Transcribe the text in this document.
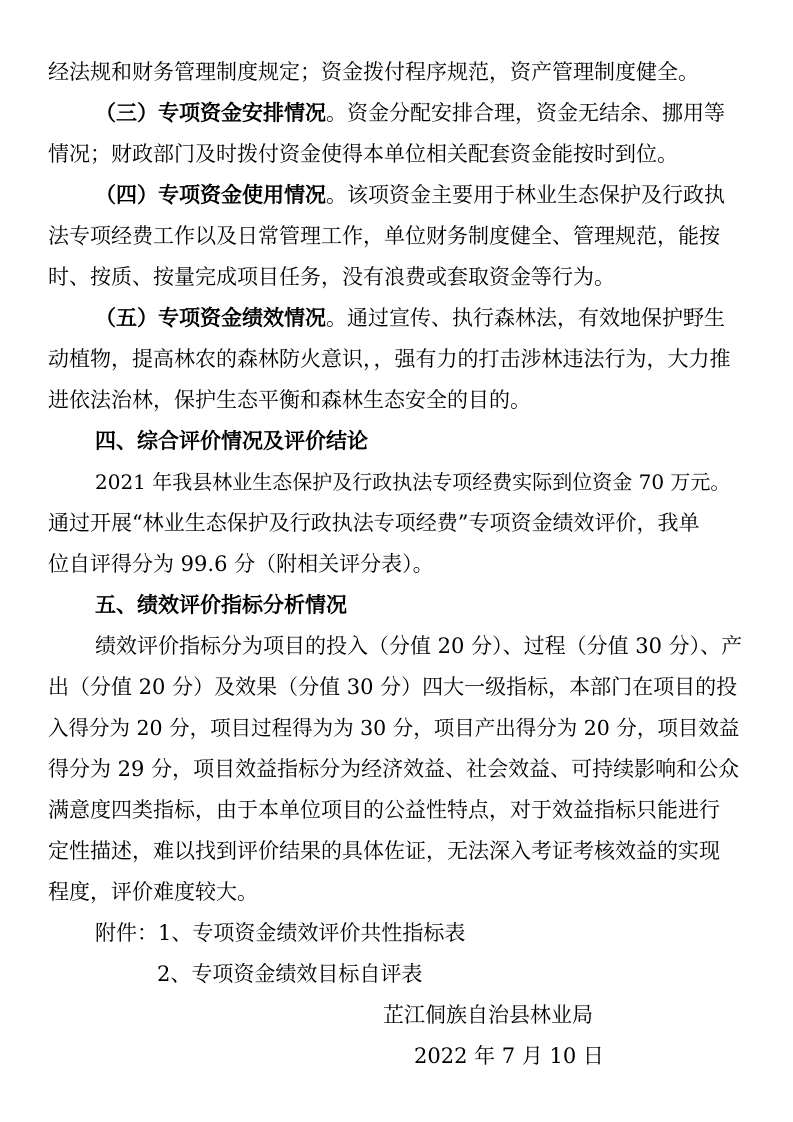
经法规和财务管理制度规定；资金拨付程序规范，资产管理制度健全。
（三）专项资金安排情况。资金分配安排合理，资金无结余、挪用等
情况；财政部门及时拨付资金使得本单位相关配套资金能按时到位。
（四）专项资金使用情况。该项资金主要用于林业生态保护及行政执
法专项经费工作以及日常管理工作，单位财务制度健全、管理规范，能按
时、按质、按量完成项目任务，没有浪费或套取资金等行为。
（五）专项资金绩效情况。通过宣传、执行森林法，有效地保护野生
动植物，提高林农的森林防火意识，，强有力的打击涉林违法行为，大力推
进依法治林，保护生态平衡和森林生态安全的目的。
四、综合评价情况及评价结论
2021 年我县林业生态保护及行政执法专项经费实际到位资金 70 万元。
通过开展“林业生态保护及行政执法专项经费”专项资金绩效评价，我单
位自评得分为 99.6 分（附相关评分表）。
五、绩效评价指标分析情况
绩效评价指标分为项目的投入（分值 20 分）、过程（分值 30 分）、产
出（分值 20 分）及效果（分值 30 分）四大一级指标，本部门在项目的投
入得分为 20 分，项目过程得为为 30 分，项目产出得分为 20 分，项目效益
得分为 29 分，项目效益指标分为经济效益、社会效益、可持续影响和公众
满意度四类指标，由于本单位项目的公益性特点，对于效益指标只能进行
定性描述，难以找到评价结果的具体佐证，无法深入考证考核效益的实现
程度，评价难度较大。
附件：1、专项资金绩效评价共性指标表
2、专项资金绩效目标自评表
芷江侗族自治县林业局
2022 年 7 月 10 日
